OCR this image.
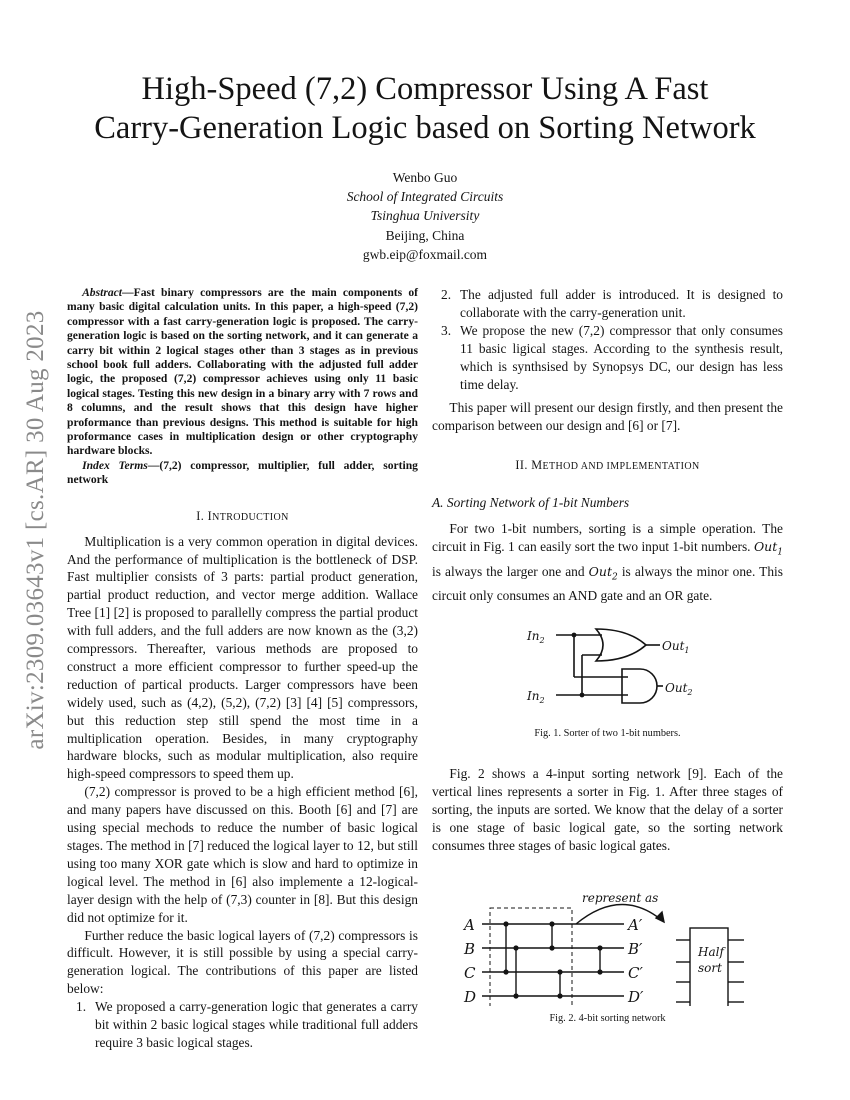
arXiv:2309.03643v1 [cs.AR] 30 Aug 2023
High-Speed (7,2) Compressor Using A Fast
Carry-Generation Logic based on Sorting Network
Wenbo Guo
School of Integrated Circuits
Tsinghua University
Beijing, China
gwb.eip@foxmail.com

Abstract—Fast binary compressors are the main components of many basic digital calculation units. In this paper, a high-speed (7,2) compressor with a fast carry-generation logic is proposed. The carry-generation logic is based on the sorting network, and it can generate a carry bit within 2 logical stages other than 3 stages as in previous school book full adders. Collaborating with the adjusted full adder logic, the proposed (7,2) compressor achieves using only 11 basic logical stages. Testing this new design in a binary arry with 7 rows and 8 columns, and the result shows that this design have higher proformance than previous designs. This method is suitable for high proformance cases in multiplication design or other cryptography hardware blocks.

Index Terms—(7,2) compressor, multiplier, full adder, sorting network

I. INTRODUCTION

Multiplication is a very common operation in digital devices. And the performance of multiplication is the bottleneck of DSP. Fast multiplier consists of 3 parts: partial product generation, partial product reduction, and vector merge addition. Wallace Tree [1] [2] is proposed to parallelly compress the partial product with full adders, and the full adders are now known as the (3,2) compressors. Thereafter, various methods are proposed to construct a more efficient compressor to further speed-up the reduction of partical products. Larger compressors have been widely used, such as (4,2), (5,2), (7,2) [3] [4] [5] compressors, but this reduction step still spend the most time in a multiplication operation. Besides, in many cryptography hardware blocks, such as modular multiplication, also require high-speed compressors to speed them up.

(7,2) compressor is proved to be a high efficient method [6], and many papers have discussed on this. Booth [6] and [7] are using special mechods to reduce the number of basic logical stages. The method in [7] reduced the logical layer to 12, but still using too many XOR gate which is slow and hard to optimize in logical level. The method in [6] also implemente a 12-logical-layer design with the help of (7,3) counter in [8]. But this design did not optimize for it.

Further reduce the basic logical layers of (7,2) compressors is difficult. However, it is still possible by using a special carry-generation logical. The contributions of this paper are listed below:

1. We proposed a carry-generation logic that generates a carry bit within 2 basic logical stages while traditional full adders require 3 basic logical stages.
2. The adjusted full adder is introduced. It is designed to collaborate with the carry-generation unit.
3. We propose the new (7,2) compressor that only consumes 11 basic ligical stages. According to the synthesis result, which is synthsised by Synopsys DC, our design has less time delay.

This paper will present our design firstly, and then present the comparison between our design and [6] or [7].

II. METHOD AND IMPLEMENTATION
A. Sorting Network of 1-bit Numbers

For two 1-bit numbers, sorting is a simple operation. The circuit in Fig. 1 can easily sort the two input 1-bit numbers. Out$_1$ is always the larger one and Out$_2$ is always the minor one. This circuit only consumes an AND gate and an OR gate.

$In_2$
$In_2$
Out$_1$
Out$_2$
Fig. 1. Sorter of two 1-bit numbers.

Fig. 2 shows a 4-input sorting network [9]. Each of the vertical lines represents a sorter in Fig. 1. After three stages of sorting, the inputs are sorted. We know that the delay of a sorter is one stage of basic logical gate, so the sorting network consumes three stages of basic logical gates.

A
B
C
D
A′
B′
C′
D′
represent as
Half
sort
Fig. 2. 4-bit sorting network
